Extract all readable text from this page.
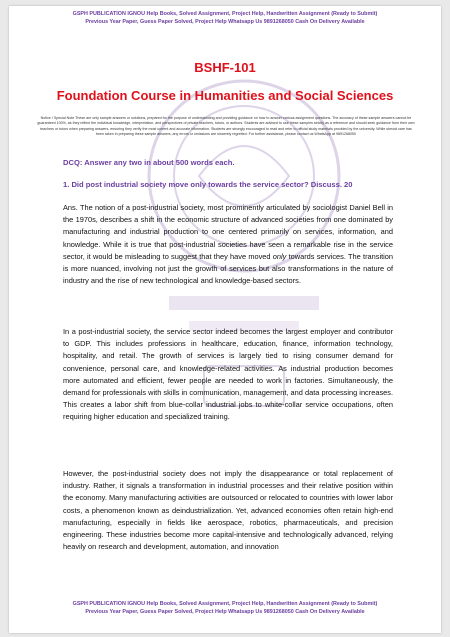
GSPH PUBLICATION IGNOU Help Books, Solved Assignment, Project Help, Handwritten Assignment (Ready to Submit)
Previous Year Paper, Guess Paper Solved, Project Help Whatsapp Us 9891268050 Cash On Delivery Available
BSHF-101
Foundation Course in Humanities and Social Sciences
Notice / Special Note These are only sample answers or solutions, prepared for the purpose of understanding and providing guidance on how to answer various assignment questions. The accuracy of these sample answers cannot be guaranteed 100%, as they reflect the individual knowledge, interpretation, and perspectives of private teachers, tutors, or authors. Students are advised to use these samples strictly as a reference and should seek guidance from their own teachers or tutors when preparing answers, ensuring they verify the most current and accurate information. Students are strongly encouraged to read and refer to official study materials provided by the university. While utmost care has been taken in preparing these sample answers, any errors or omissions are sincerely regretted. For further assistance, please contact us WhatsApp at 9891268050
DCQ: Answer any two in about 500 words each.
1. Did post industrial society move only towards the service sector? Discuss. 20

Ans. The notion of a post-industrial society, most prominently articulated by sociologist Daniel Bell in the 1970s, describes a shift in the economic structure of advanced societies from one dominated by manufacturing and industrial production to one centered primarily on services, information, and knowledge. While it is true that post-industrial societies have seen a remarkable rise in the service sector, it would be misleading to suggest that they have moved only towards services. The transition is more nuanced, involving not just the growth of services but also transformations in the nature of industry and the rise of new technological and knowledge-based sectors.

In a post-industrial society, the service sector indeed becomes the largest employer and contributor to GDP. This includes professions in healthcare, education, finance, information technology, hospitality, and retail. The growth of services is largely tied to rising consumer demand for convenience, personal care, and knowledge-related activities. As industrial production becomes more automated and efficient, fewer people are needed to work in factories. Simultaneously, the demand for professionals with skills in communication, management, and data processing increases. This creates a labor shift from blue-collar industrial jobs to white-collar service occupations, often requiring higher education and specialized training.

However, the post-industrial society does not imply the disappearance or total replacement of industry. Rather, it signals a transformation in industrial processes and their relative position within the economy. Many manufacturing activities are outsourced or relocated to countries with lower labor costs, a phenomenon known as deindustrialization. Yet, advanced economies often retain high-end manufacturing, especially in fields like aerospace, robotics, pharmaceuticals, and precision engineering. These industries become more capital-intensive and technologically advanced, relying heavily on research and development, automation, and innovation

GSPH PUBLICATION IGNOU Help Books, Solved Assignment, Project Help, Handwritten Assignment (Ready to Submit)
Previous Year Paper, Guess Paper Solved, Project Help Whatsapp Us 9891268050 Cash On Delivery Available
